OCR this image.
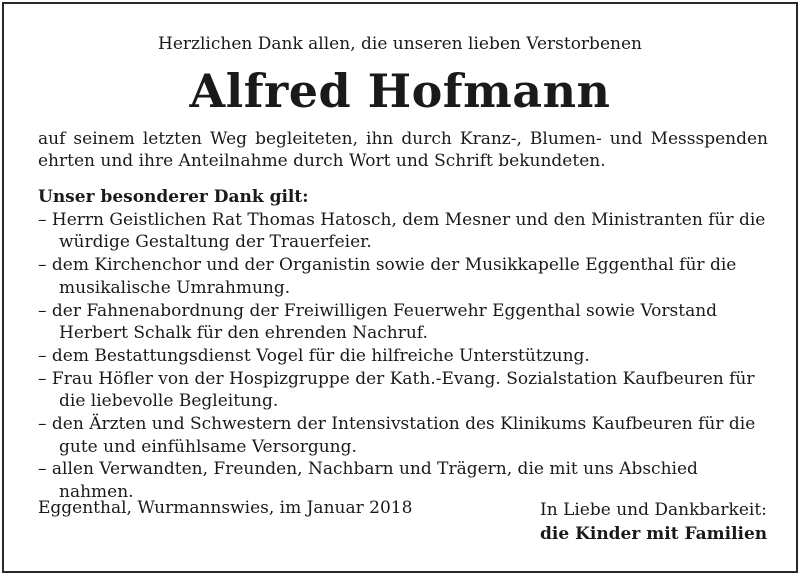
Herzlichen Dank allen, die unseren lieben Verstorbenen
Alfred Hofmann
auf seinem letzten Weg begleiteten, ihn durch Kranz-, Blumen- und Messspenden ehrten und ihre Anteilnahme durch Wort und Schrift bekundeten.
Unser besonderer Dank gilt:
– Herrn Geistlichen Rat Thomas Hatosch, dem Mesner und den Ministranten für die würdige Gestaltung der Trauerfeier.
– dem Kirchenchor und der Organistin sowie der Musikkapelle Eggenthal für die musikalische Umrahmung.
– der Fahnenabordnung der Freiwilligen Feuerwehr Eggenthal sowie Vorstand Herbert Schalk für den ehrenden Nachruf.
– dem Bestattungsdienst Vogel für die hilfreiche Unterstützung.
– Frau Höfler von der Hospizgruppe der Kath.-Evang. Sozialstation Kaufbeuren für die liebevolle Begleitung.
– den Ärzten und Schwestern der Intensivstation des Klinikums Kaufbeuren für die gute und einfühlsame Versorgung.
– allen Verwandten, Freunden, Nachbarn und Trägern, die mit uns Abschied nahmen.
Eggenthal, Wurmannswies, im Januar 2018	In Liebe und Dankbarkeit:
die Kinder mit Familien
